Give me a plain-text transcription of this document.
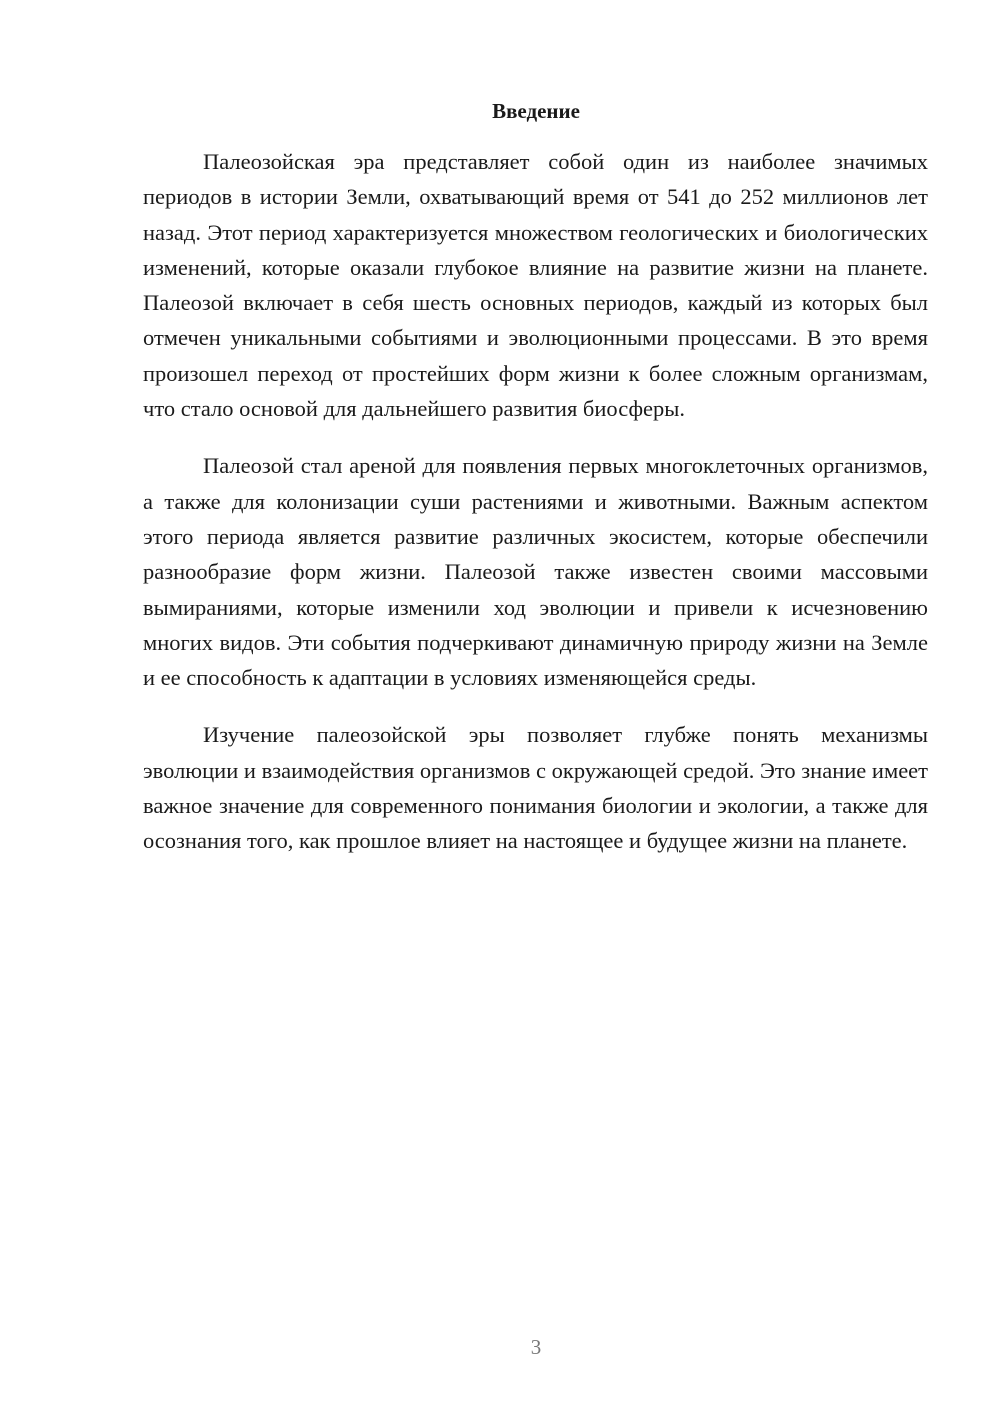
Введение

Палеозойская эра представляет собой один из наиболее значимых периодов в истории Земли, охватывающий время от 541 до 252 миллионов лет назад. Этот период характеризуется множеством геологических и биологических изменений, которые оказали глубокое влияние на развитие жизни на планете. Палеозой включает в себя шесть основных периодов, каждый из которых был отмечен уникальными событиями и эволюционными процессами. В это время произошел переход от простейших форм жизни к более сложным организмам, что стало основой для дальнейшего развития биосферы.

Палеозой стал ареной для появления первых многоклеточных организмов, а также для колонизации суши растениями и животными. Важным аспектом этого периода является развитие различных экосистем, которые обеспечили разнообразие форм жизни. Палеозой также известен своими массовыми вымираниями, которые изменили ход эволюции и привели к исчезновению многих видов. Эти события подчеркивают динамичную природу жизни на Земле и ее способность к адаптации в условиях изменяющейся среды.

Изучение палеозойской эры позволяет глубже понять механизмы эволюции и взаимодействия организмов с окружающей средой. Это знание имеет важное значение для современного понимания биологии и экологии, а также для осознания того, как прошлое влияет на настоящее и будущее жизни на планете.

3
